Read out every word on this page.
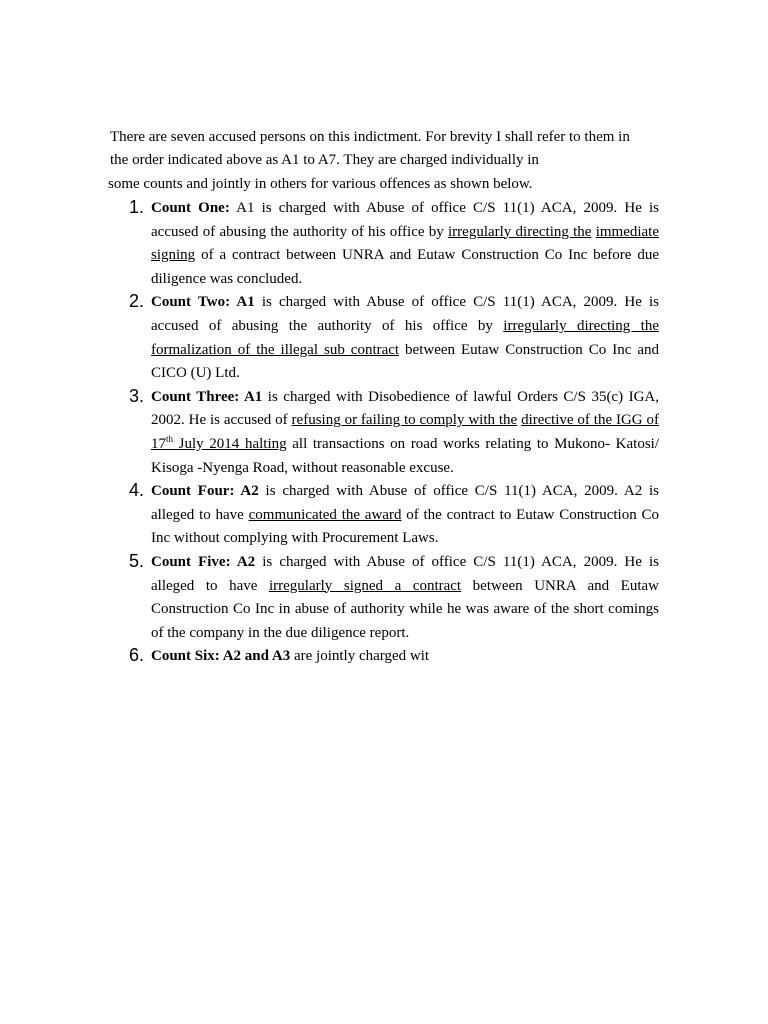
There are seven accused persons on this indictment. For brevity I shall refer to them in
the order indicated above as A1 to A7. They are charged individually in
some counts and jointly in others for various offences as shown below.
1. Count One: A1 is charged with Abuse of office C/S 11(1) ACA, 2009. He is accused of abusing the authority of his office by irregularly directing the immediate signing of a contract between UNRA and Eutaw Construction Co Inc before due diligence was concluded.
2. Count Two: A1 is charged with Abuse of office C/S 11(1) ACA, 2009. He is accused of abusing the authority of his office by irregularly directing the formalization of the illegal sub contract between Eutaw Construction Co Inc and CICO (U) Ltd.
3. Count Three: A1 is charged with Disobedience of lawful Orders C/S 35(c) IGA, 2002. He is accused of refusing or failing to comply with the directive of the IGG of 17th July 2014 halting all transactions on road works relating to Mukono- Katosi/ Kisoga -Nyenga Road, without reasonable excuse.
4. Count Four: A2 is charged with Abuse of office C/S 11(1) ACA, 2009. A2 is alleged to have communicated the award of the contract to Eutaw Construction Co Inc without complying with Procurement Laws.
5. Count Five: A2 is charged with Abuse of office C/S 11(1) ACA, 2009. He is alleged to have irregularly signed a contract between UNRA and Eutaw Construction Co Inc in abuse of authority while he was aware of the short comings of the company in the due diligence report.
6. Count Six: A2 and A3 are jointly charged wit
